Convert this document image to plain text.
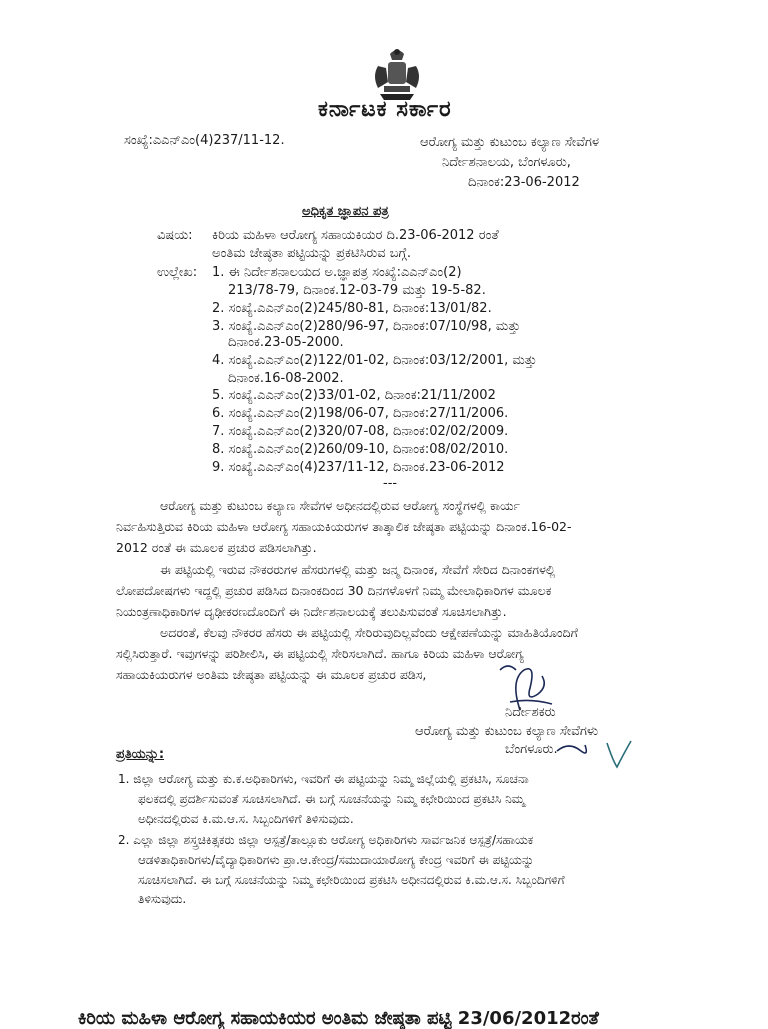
ಕರ್ನಾಟಕ ಸರ್ಕಾರ
ಸಂಖ್ಯೆ:ಎಎನ್ಎಂ(4)237/11-12.	ಆರೋಗ್ಯ ಮತ್ತು ಕುಟುಂಬ ಕಲ್ಯಾಣ ಸೇವೆಗಳ
ನಿರ್ದೇಶನಾಲಯ, ಬೆಂಗಳೂರು,
ದಿನಾಂಕ:23-06-2012
ಅಧಿಕೃತ ಜ್ಞಾಪನ ಪತ್ರ
ವಿಷಯ: ಕಿರಿಯ ಮಹಿಳಾ ಆರೋಗ್ಯ ಸಹಾಯಕಿಯರ ದಿ.23-06-2012 ರಂತೆ
ಅಂತಿಮ ಜೇಷ್ಠತಾ ಪಟ್ಟಿಯನ್ನು ಪ್ರಕಟಿಸಿರುವ ಬಗ್ಗೆ.
ಉಲ್ಲೇಖ: 1. ಈ ನಿರ್ದೇಶನಾಲಯದ ಅ.ಜ್ಞಾಪತ್ರ ಸಂಖ್ಯೆ:ಎಎನ್ಎಂ(2)
213/78-79, ದಿನಾಂಕ.12-03-79 ಮತ್ತು 19-5-82.
2. ಸಂಖ್ಯೆ.ಎಎನ್ಎಂ(2)245/80-81, ದಿನಾಂಕ:13/01/82.
3. ಸಂಖ್ಯೆ.ಎಎನ್ಎಂ(2)280/96-97, ದಿನಾಂಕ:07/10/98, ಮತ್ತು
ದಿನಾಂಕ.23-05-2000.
4. ಸಂಖ್ಯೆ.ಎಎನ್ಎಂ(2)122/01-02, ದಿನಾಂಕ:03/12/2001, ಮತ್ತು
ದಿನಾಂಕ.16-08-2002.
5. ಸಂಖ್ಯೆ.ಎಎನ್ಎಂ(2)33/01-02, ದಿನಾಂಕ:21/11/2002
6. ಸಂಖ್ಯೆ.ಎಎನ್ಎಂ(2)198/06-07, ದಿನಾಂಕ:27/11/2006.
7. ಸಂಖ್ಯೆ.ಎಎನ್ಎಂ(2)320/07-08, ದಿನಾಂಕ:02/02/2009.
8. ಸಂಖ್ಯೆ.ಎಎನ್ಎಂ(2)260/09-10, ದಿನಾಂಕ:08/02/2010.
9. ಸಂಖ್ಯೆ.ಎಎನ್ಎಂ(4)237/11-12, ದಿನಾಂಕ.23-06-2012
---
ಆರೋಗ್ಯ ಮತ್ತು ಕುಟುಂಬ ಕಲ್ಯಾಣ ಸೇವೆಗಳ ಅಧೀನದಲ್ಲಿರುವ ಆರೋಗ್ಯ ಸಂಸ್ಥೆಗಳಲ್ಲಿ ಕಾರ್ಯ
ನಿರ್ವಹಿಸುತ್ತಿರುವ ಕಿರಿಯ ಮಹಿಳಾ ಆರೋಗ್ಯ ಸಹಾಯಕಿಯರುಗಳ ತಾತ್ಕಾಲಿಕ ಜೇಷ್ಠತಾ ಪಟ್ಟಿಯನ್ನು ದಿನಾಂಕ.16-02-
2012 ರಂತೆ ಈ ಮೂಲಕ ಪ್ರಚುರ ಪಡಿಸಲಾಗಿತ್ತು.
ಈ ಪಟ್ಟಿಯಲ್ಲಿ ಇರುವ ನೌಕರರುಗಳ ಹೆಸರುಗಳಲ್ಲಿ ಮತ್ತು ಜನ್ಮ ದಿನಾಂಕ, ಸೇವೆಗೆ ಸೇರಿದ ದಿನಾಂಕಗಳಲ್ಲಿ
ಲೋಪದೋಷಗಳು ಇದ್ದಲ್ಲಿ ಪ್ರಚುರ ಪಡಿಸಿದ ದಿನಾಂಕದಿಂದ 30 ದಿನಗಳೊಳಗೆ ನಿಮ್ಮ ಮೇಲಾಧಿಕಾರಿಗಳ ಮೂಲಕ
ನಿಯಂತ್ರಣಾಧಿಕಾರಿಗಳ ದೃಢೀಕರಣದೊಂದಿಗೆ ಈ ನಿರ್ದೇಶನಾಲಯಕ್ಕೆ ತಲುಪಿಸುವಂತೆ ಸೂಚಿಸಲಾಗಿತ್ತು.
ಅದರಂತೆ, ಕೆಲವು ನೌಕರರ ಹೆಸರು ಈ ಪಟ್ಟಿಯಲ್ಲಿ ಸೇರಿರುವುದಿಲ್ಲವೆಂದು ಆಕ್ಷೇಪಣೆಯನ್ನು ಮಾಹಿತಿಯೊಂದಿಗೆ
ಸಲ್ಲಿಸಿರುತ್ತಾರೆ. ಇವುಗಳನ್ನು ಪರಿಶೀಲಿಸಿ, ಈ ಪಟ್ಟಿಯಲ್ಲಿ ಸೇರಿಸಲಾಗಿದೆ. ಹಾಗೂ ಕಿರಿಯ ಮಹಿಳಾ ಆರೋಗ್ಯ
ಸಹಾಯಕಿಯರುಗಳ ಅಂತಿಮ ಜೇಷ್ಠತಾ ಪಟ್ಟಿಯನ್ನು ಈ ಮೂಲಕ ಪ್ರಚುರ ಪಡಿಸ,
ನಿರ್ದೇಶಕರು
ಆರೋಗ್ಯ ಮತ್ತು ಕುಟುಂಬ ಕಲ್ಯಾಣ ಸೇವೆಗಳು
ಬೆಂಗಳೂರು.
ಪ್ರತಿಯನ್ನು:
1. ಜಿಲ್ಲಾ ಆರೋಗ್ಯ ಮತ್ತು ಕು.ಕ.ಅಧಿಕಾರಿಗಳು, ಇವರಿಗೆ ಈ ಪಟ್ಟಿಯನ್ನು ನಿಮ್ಮ ಜಿಲ್ಲೆಯಲ್ಲಿ ಪ್ರಕಟಿಸಿ, ಸೂಚನಾ
ಫಲಕದಲ್ಲಿ ಪ್ರದರ್ಶಿಸುವಂತೆ ಸೂಚಿಸಲಾಗಿದೆ. ಈ ಬಗ್ಗೆ ಸೂಚನೆಯನ್ನು ನಿಮ್ಮ ಕಛೇರಿಯಿಂದ ಪ್ರಕಟಿಸಿ ನಿಮ್ಮ
ಅಧೀನದಲ್ಲಿರುವ ಕಿ.ಮ.ಆ.ಸ. ಸಿಬ್ಬಂದಿಗಳಿಗೆ ತಿಳಿಸುವುದು.
2. ಎಲ್ಲಾ ಜಿಲ್ಲಾ ಶಸ್ತ್ರಚಿಕಿತ್ಸಕರು ಜಿಲ್ಲಾ ಆಸ್ಪತ್ರೆ/ತಾಲ್ಲೂಕು ಆರೋಗ್ಯ ಅಧಿಕಾರಿಗಳು ಸಾರ್ವಜನಿಕ ಆಸ್ಪತ್ರೆ/ಸಹಾಯಕ
ಆಡಳಿತಾಧಿಕಾರಿಗಳು/ವೈದ್ಯಾಧಿಕಾರಿಗಳು ಪ್ರಾ.ಆ.ಕೇಂದ್ರ/ಸಮುದಾಯಾರೋಗ್ಯ ಕೇಂದ್ರ ಇವರಿಗೆ ಈ ಪಟ್ಟಿಯನ್ನು
ಸೂಚಿಸಲಾಗಿದೆ. ಈ ಬಗ್ಗೆ ಸೂಚನೆಯನ್ನು ನಿಮ್ಮ ಕಛೇರಿಯಿಂದ ಪ್ರಕಟಿಸಿ ಅಧೀನದಲ್ಲಿರುವ ಕಿ.ಮ.ಆ.ಸ. ಸಿಬ್ಬಂದಿಗಳಿಗೆ
ತಿಳಿಸುವುದು.
ಕಿರಿಯ ಮಹಿಳಾ ಆರೋಗ್ಯ ಸಹಾಯಕಿಯರ ಅಂತಿಮ ಜೇಷ್ಠತಾ ಪಟ್ಟಿ 23/06/2012ರಂತೆ
